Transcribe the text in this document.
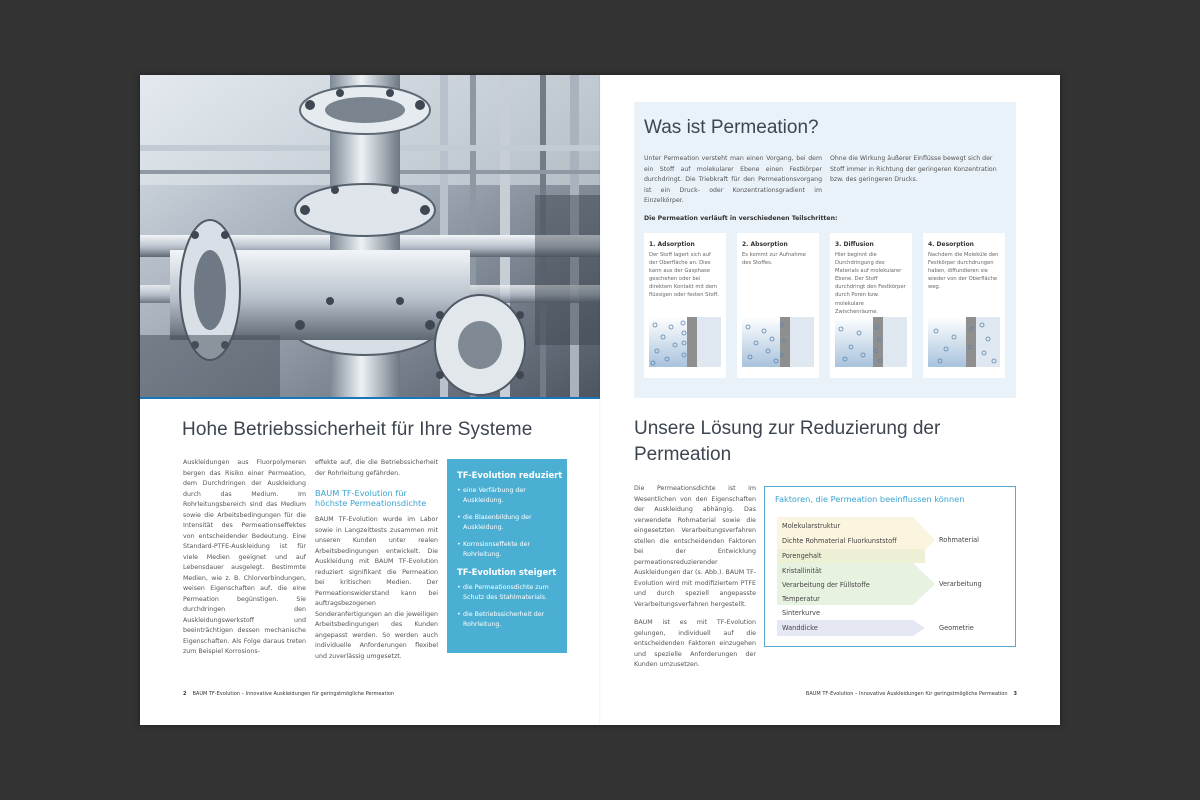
Hohe Betriebssicherheit für Ihre Systeme
Auskleidungen aus Fluorpolymeren bergen das Risiko einer Permeation, dem Durchdringen der Auskleidung durch das Medium. Im Rohrleitungsbereich sind das Medium sowie die Arbeitsbedingungen für die Intensität des Permeationseffektes von entscheidender Bedeutung. Eine Standard-PTFE-Auskleidung ist für viele Medien geeignet und auf Lebensdauer ausgelegt. Bestimmte Medien, wie z. B. Chlorverbindungen, weisen Eigenschaften auf, die eine Permeation begünstigen. Sie durchdringen den Auskleidungswerkstoff und beeinträchtigen dessen mechanische Eigenschaften. Als Folge daraus treten zum Beispiel Korrosions-
effekte auf, die die Betriebssicherheit der Rohrleitung gefährden.
BAUM TF-Evolution für höchste Permeationsdichte
BAUM TF-Evolution wurde im Labor sowie in Langzeittests zusammen mit unseren Kunden unter realen Arbeitsbedingungen entwickelt. Die Auskleidung mit BAUM TF-Evolution reduziert signifikant die Permeation bei kritischen Medien. Der Permeationswiderstand kann bei auftragsbezogenen Sonderanfertigungen an die jeweiligen Arbeitsbedingungen des Kunden angepasst werden. So werden auch individuelle Anforderungen flexibel und zuverlässig umgesetzt.
TF-Evolution reduziert
• eine Verfärbung der Auskleidung.
• die Blasenbildung der Auskleidung.
• Korrosionseffekte der Rohrleitung.
TF-Evolution steigert
• die Permeationsdichte zum Schutz des Stahlmaterials.
• die Betriebssicherheit der Rohrleitung.
2 BAUM TF-Evolution – Innovative Auskleidungen für geringstmögliche Permeation
Was ist Permeation?
Unter Permeation versteht man einen Vorgang, bei dem ein Stoff auf molekularer Ebene einen Festkörper durchdringt. Die Triebkraft für den Permeationsvorgang ist ein Druck- oder Konzentrationsgradient im Einzelkörper.
Ohne die Wirkung äußerer Einflüsse bewegt sich der Stoff immer in Richtung der geringeren Konzentration bzw. des geringeren Drucks.
Die Permeation verläuft in verschiedenen Teilschritten:
1. Adsorption
Der Stoff lagert sich auf der Oberfläche an. Dies kann aus der Gasphase geschehen oder bei direktem Kontakt mit dem flüssigen oder festen Stoff.
2. Absorption
Es kommt zur Aufnahme des Stoffes.
3. Diffusion
Hier beginnt die Durchdringung des Materials auf molekularer Ebene. Der Stoff durchdringt den Festkörper durch Poren bzw. molekulare Zwischenräume.
4. Desorption
Nachdem die Moleküle den Festkörper durchdrungen haben, diffundieren sie wieder von der Oberfläche weg.
Unsere Lösung zur Reduzierung der Permeation
Die Permeationsdichte ist im Wesentlichen von den Eigenschaften der Auskleidung abhängig. Das verwendete Rohmaterial sowie die eingesetzten Verarbeitungsverfahren stellen die entscheidenden Faktoren bei der Entwicklung permeationsreduzierender Auskleidungen dar (s. Abb.). BAUM TF-Evolution wird mit modifiziertem PTFE und durch speziell angepasste Verarbeitungsverfahren hergestellt.
BAUM ist es mit TF-Evolution gelungen, individuell auf die entscheidenden Faktoren einzugehen und spezielle Anforderungen der Kunden umzusetzen.
Faktoren, die Permeation beeinflussen können
Molekularstruktur
Dichte Rohmaterial Fluorkunststoff
Porengehalt
Kristallinität
Verarbeitung der Füllstoffe
Temperatur
Sinterkurve
Wanddicke
Rohmaterial
Verarbeitung
Geometrie
BAUM TF-Evolution – Innovative Auskleidungen für geringstmögliche Permeation 3
